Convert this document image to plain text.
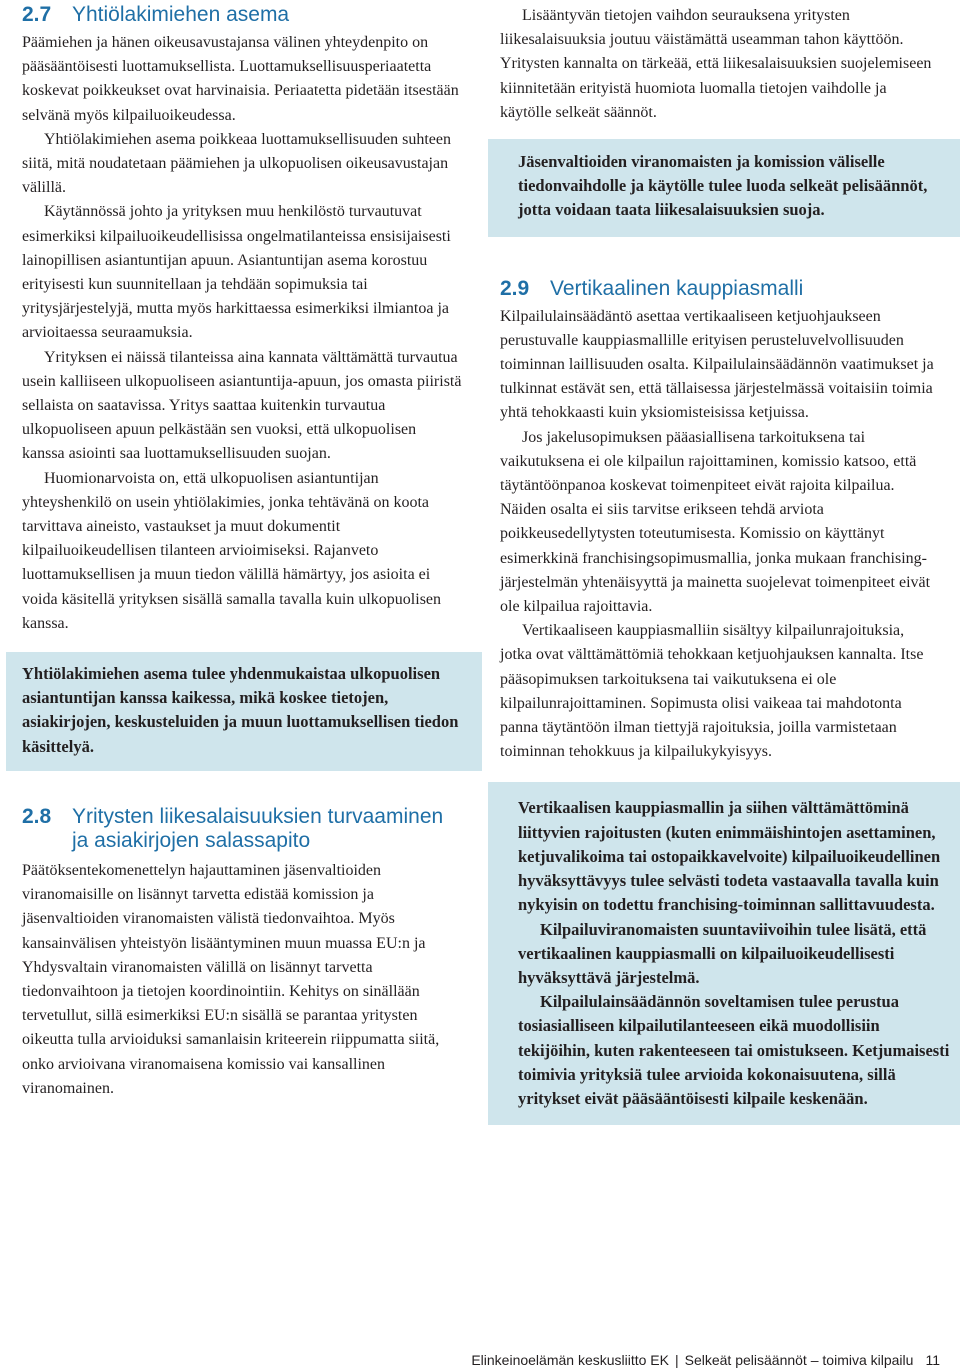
2.7 Yhtiölakimiehen asema

Päämiehen ja hänen oikeusavustajansa välinen yhteydenpito on pääsääntöisesti luottamuksellista. Luottamuksellisuusperiaatetta koskevat poikkeukset ovat harvinaisia. Periaatetta pidetään itsestään selvänä myös kilpailuoikeudessa.

Yhtiölakimiehen asema poikkeaa luottamuksellisuuden suhteen siitä, mitä noudatetaan päämiehen ja ulkopuolisen oikeusavustajan välillä.

Käytännössä johto ja yrityksen muu henkilöstö turvautuvat esimerkiksi kilpailuoikeudellisissa ongelmatilanteissa ensisijaisesti lainopillisen asiantuntijan apuun. Asiantuntijan asema korostuu erityisesti kun suunnitellaan ja tehdään sopimuksia tai yritysjärjestelyjä, mutta myös harkittaessa esimerkiksi ilmiantoa ja arvioitaessa seuraamuksia.

Yrityksen ei näissä tilanteissa aina kannata välttämättä turvautua usein kalliiseen ulkopuoliseen asiantuntija-apuun, jos omasta piiristä sellaista on saatavissa. Yritys saattaa kuitenkin turvautua ulkopuoliseen apuun pelkästään sen vuoksi, että ulkopuolisen kanssa asiointi saa luottamuksellisuuden suojan.

Huomionarvoista on, että ulkopuolisen asiantuntijan yhteyshenkilö on usein yhtiölakimies, jonka tehtävänä on koota tarvittava aineisto, vastaukset ja muut dokumentit kilpailuoikeudellisen tilanteen arvioimiseksi. Rajanveto luottamuksellisen ja muun tiedon välillä hämärtyy, jos asioita ei voida käsitellä yrityksen sisällä samalla tavalla kuin ulkopuolisen kanssa.

Yhtiölakimiehen asema tulee yhdenmukaistaa ulkopuolisen asiantuntijan kanssa kaikessa, mikä koskee tietojen, asiakirjojen, keskusteluiden ja muun luottamuksellisen tiedon käsittelyä.

2.8 Yritysten liikesalaisuuksien turvaaminen ja asiakirjojen salassapito

Päätöksentekomenettelyn hajauttaminen jäsenvaltioiden viranomaisille on lisännyt tarvetta edistää komission ja jäsenvaltioiden viranomaisten välistä tiedonvaihtoa. Myös kansainvälisen yhteistyön lisääntyminen muun muassa EU:n ja Yhdysvaltain viranomaisten välillä on lisännyt tarvetta tiedonvaihtoon ja tietojen koordinointiin. Kehitys on sinällään tervetullut, sillä esimerkiksi EU:n sisällä se parantaa yritysten oikeutta tulla arvioiduksi samanlaisin kriteerein riippumatta siitä, onko arvioivana viranomaisena komissio vai kansallinen viranomainen.

Lisääntyvän tietojen vaihdon seurauksena yritysten liikesalaisuuksia joutuu väistämättä useamman tahon käyttöön. Yritysten kannalta on tärkeää, että liikesalaisuuksien suojelemiseen kiinnitetään erityistä huomiota luomalla tietojen vaihdolle ja käytölle selkeät säännöt.

Jäsenvaltioiden viranomaisten ja komission väliselle tiedonvaihdolle ja käytölle tulee luoda selkeät pelisäännöt, jotta voidaan taata liikesalaisuuksien suoja.

2.9 Vertikaalinen kauppiasmalli

Kilpailulainsäädäntö asettaa vertikaaliseen ketjuohjaukseen perustuvalle kauppiasmallille erityisen perusteluvelvollisuuden toiminnan laillisuuden osalta. Kilpailulainsäädännön vaatimukset ja tulkinnat estävät sen, että tällaisessa järjestelmässä voitaisiin toimia yhtä tehokkaasti kuin yksiomisteisissa ketjuissa.

Jos jakelusopimuksen pääasiallisena tarkoituksena tai vaikutuksena ei ole kilpailun rajoittaminen, komissio katsoo, että täytäntöönpanoa koskevat toimenpiteet eivät rajoita kilpailua. Näiden osalta ei siis tarvitse erikseen tehdä arviota poikkeusedellytysten toteutumisesta. Komissio on käyttänyt esimerkkinä franchisingsopimusmallia, jonka mukaan franchising-järjestelmän yhtenäisyyttä ja mainetta suojelevat toimenpiteet eivät ole kilpailua rajoittavia.

Vertikaaliseen kauppiasmalliin sisältyy kilpailunrajoituksia, jotka ovat välttämättömiä tehokkaan ketjuohjauksen kannalta. Itse pääsopimuksen tarkoituksena tai vaikutuksena ei ole kilpailunrajoittaminen. Sopimusta olisi vaikeaa tai mahdotonta panna täytäntöön ilman tiettyjä rajoituksia, joilla varmistetaan toiminnan tehokkuus ja kilpailukykyisyys.

Vertikaalisen kauppiasmallin ja siihen välttämättöminä liittyvien rajoitusten (kuten enimmäishintojen asettaminen, ketjuvalikoima tai ostopaikkavelvoite) kilpailuoikeudellinen hyväksyttävyys tulee selvästi todeta vastaavalla tavalla kuin nykyisin on todettu franchising-toiminnan sallittavuudesta.

Kilpailuviranomaisten suuntaviivoihin tulee lisätä, että vertikaalinen kauppiasmalli on kilpailuoikeudellisesti hyväksyttävä järjestelmä.

Kilpailulainsäädännön soveltamisen tulee perustua tosiasialliseen kilpailutilanteeseen eikä muodollisiin tekijöihin, kuten rakenteeseen tai omistukseen. Ketjumaisesti toimivia yrityksiä tulee arvioida kokonaisuutena, sillä yritykset eivät pääsääntöisesti kilpaile keskenään.

Elinkeinoelämän keskusliitto EK | Selkeät pelisäännöt – toimiva kilpailu 11
